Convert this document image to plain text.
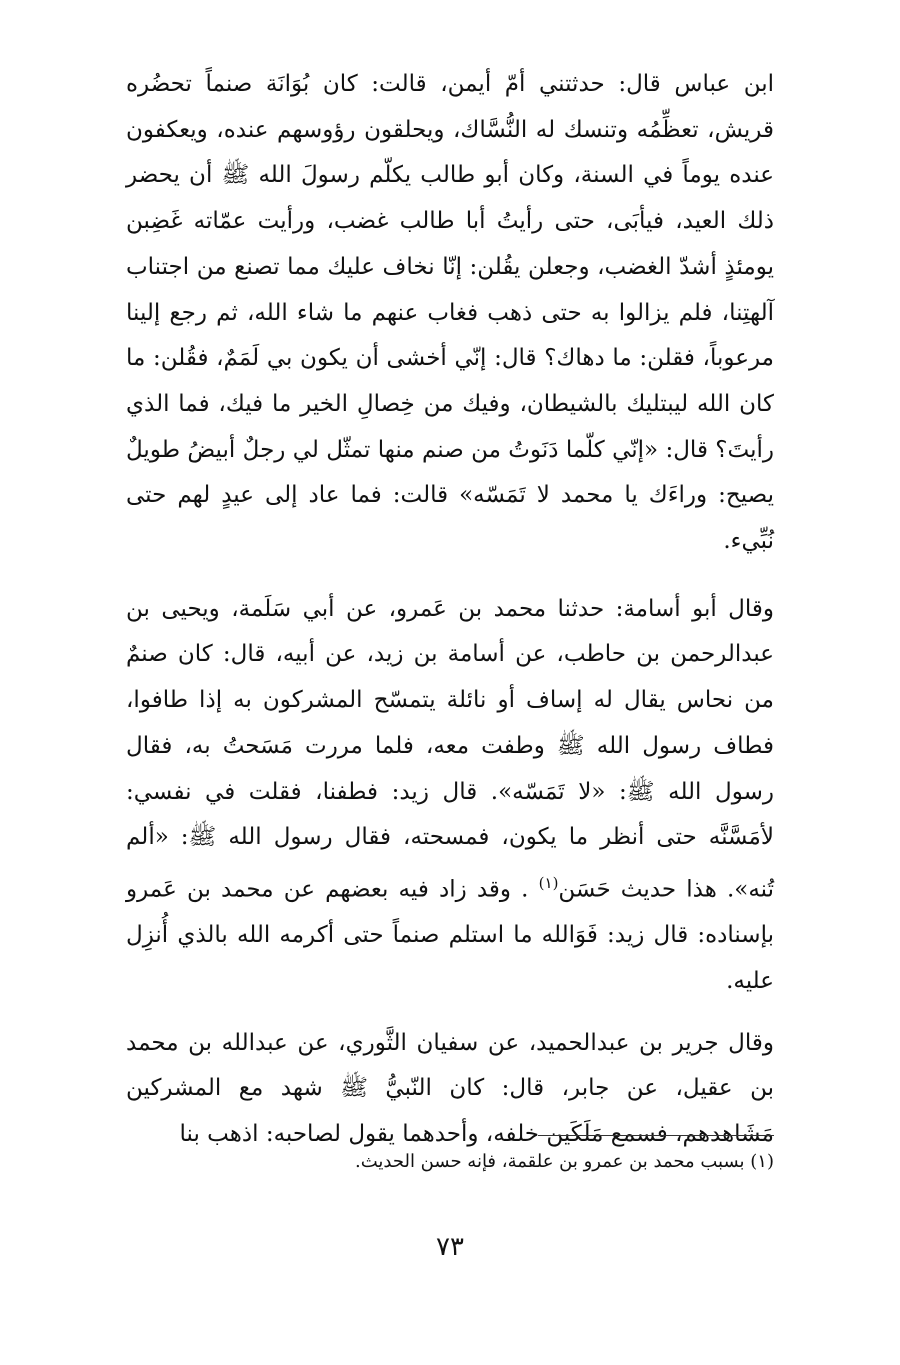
ابن عباس قال: حدثتني أمّ أيمن، قالت: كان بُوَانَة صنماً تحضُره قريش، تعظِّمُه وتنسك له النُّسَّاك، ويحلقون رؤوسهم عنده، ويعكفون عنده يوماً في السنة، وكان أبو طالب يكلّم رسولَ الله ﷺ أن يحضر ذلك العيد، فيأبَى، حتى رأيتُ أبا طالب غضب، ورأيت عمّاته غَضِبن يومئذٍ أشدّ الغضب، وجعلن يقُلن: إنّا نخاف عليك مما تصنع من اجتناب آلهتِنا، فلم يزالوا به حتى ذهب فغاب عنهم ما شاء الله، ثم رجع إلينا مرعوباً، فقلن: ما دهاك؟ قال: إنّي أخشى أن يكون بي لَمَمٌ، فقُلن: ما كان الله ليبتليك بالشيطان، وفيك من خِصالِ الخير ما فيك، فما الذي رأيتَ؟ قال: «إنّي كلّما دَنَوتُ من صنم منها تمثّل لي رجلٌ أبيضُ طويلٌ يصيح: وراءَك يا محمد لا تَمَسّه» قالت: فما عاد إلى عيدٍ لهم حتى نُبِّيء.

وقال أبو أسامة: حدثنا محمد بن عَمرو، عن أبي سَلَمة، ويحيى بن عبدالرحمن بن حاطب، عن أسامة بن زيد، عن أبيه، قال: كان صنمٌ من نحاس يقال له إساف أو نائلة يتمسّح المشركون به إذا طافوا، فطاف رسول الله ﷺ وطفت معه، فلما مررت مَسَحتُ به، فقال رسول الله ﷺ: «لا تَمَسّه». قال زيد: فطفنا، فقلت في نفسي: لأمَسَّنَّه حتى أنظر ما يكون، فمسحته، فقال رسول الله ﷺ: «ألم تُنه». هذا حديث حَسَن$^{(١)}$ . وقد زاد فيه بعضهم عن محمد بن عَمرو بإسناده: قال زيد: فَوَالله ما استلم صنماً حتى أكرمه الله بالذي أُنزِل عليه.

وقال جرير بن عبدالحميد، عن سفيان الثَّوري، عن عبدالله بن محمد بن عقيل، عن جابر، قال: كان النّبيُّ ﷺ شهد مع المشركين مَشَاهدهم، فسمع مَلَكَين خلفه، وأحدهما يقول لصاحبه: اذهب بنا

(١) بسبب محمد بن عمرو بن علقمة، فإنه حسن الحديث.

٧٣
